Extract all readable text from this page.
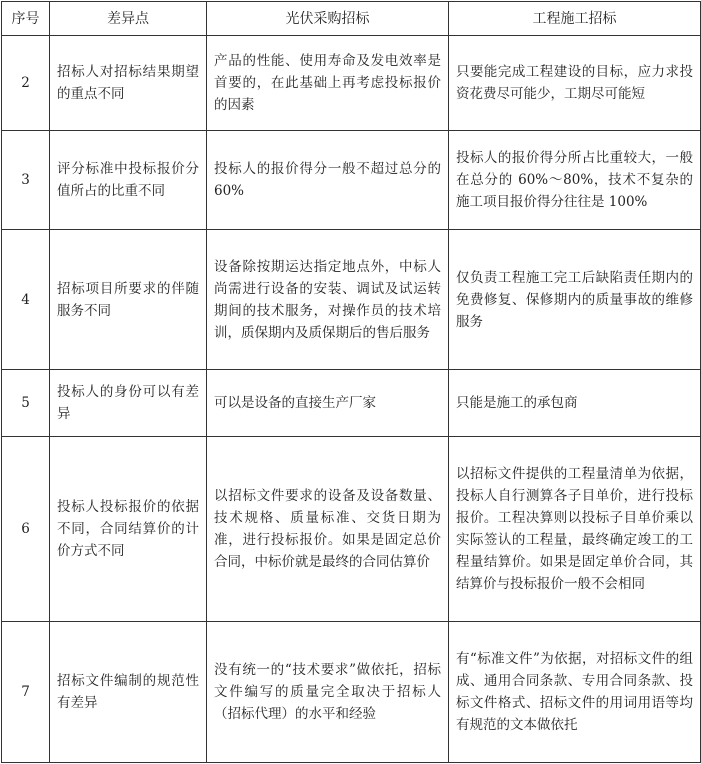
序号	差异点	光伏采购招标	工程施工招标
2	招标人对招标结果期望的重点不同	产品的性能、使用寿命及发电效率是首要的，在此基础上再考虑投标报价的因素	只要能完成工程建设的目标，应力求投资花费尽可能少，工期尽可能短
3	评分标准中投标报价分值所占的比重不同	投标人的报价得分一般不超过总分的 60%	投标人的报价得分所占比重较大，一般在总分的 60%～80%，技术不复杂的施工项目报价得分往往是 100%
4	招标项目所要求的伴随服务不同	设备除按期运达指定地点外，中标人尚需进行设备的安装、调试及试运转期间的技术服务，对操作员的技术培训，质保期内及质保期后的售后服务	仅负责工程施工完工后缺陷责任期内的免费修复、保修期内的质量事故的维修服务
5	投标人的身份可以有差异	可以是设备的直接生产厂家	只能是施工的承包商
6	投标人投标报价的依据不同，合同结算价的计价方式不同	以招标文件要求的设备及设备数量、技术规格、质量标准、交货日期为准，进行投标报价。如果是固定总价合同，中标价就是最终的合同估算价	以招标文件提供的工程量清单为依据，投标人自行测算各子目单价，进行投标报价。工程决算则以投标子目单价乘以实际签认的工程量，最终确定竣工的工程量结算价。如果是固定单价合同，其结算价与投标报价一般不会相同
7	招标文件编制的规范性有差异	没有统一的“技术要求”做依托，招标文件编写的质量完全取决于招标人（招标代理）的水平和经验	有“标准文件”为依据，对招标文件的组成、通用合同条款、专用合同条款、投标文件格式、招标文件的用词用语等均有规范的文本做依托
